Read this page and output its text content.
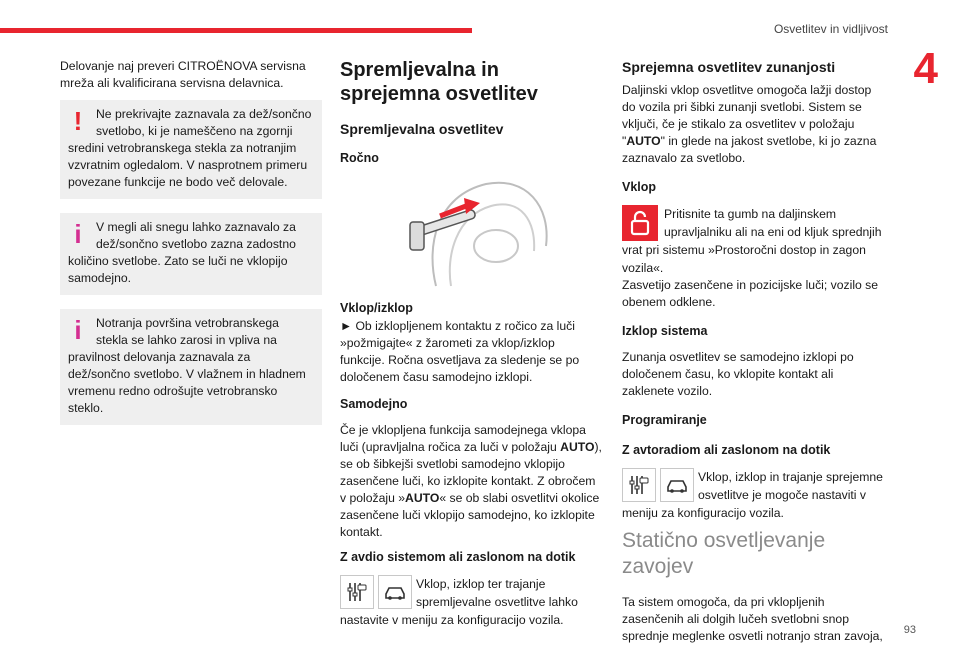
Osvetlitev in vidljivost
4

Delovanje naj preveri CITROËNOVA servisna mreža ali kvalificirana servisna delavnica.

!	Ne prekrivajte zaznavala za dež/sončno svetlobo, ki je nameščeno na zgornji sredini vetrobranskega stekla za notranjim vzvratnim ogledalom. V nasprotnem primeru povezane funkcije ne bodo več delovale.
i	V megli ali snegu lahko zaznavalo za dež/sončno svetlobo zazna zadostno količino svetlobe. Zato se luči ne vklopijo samodejno.
i	Notranja površina vetrobranskega stekla se lahko zarosi in vpliva na pravilnost delovanja zaznavala za dež/sončno svetlobo. V vlažnem in hladnem vremenu redno odrošujte vetrobransko steklo.
Spremljevalna in sprejemna osvetlitev
Spremljevalna osvetlitev
Ročno
Vklop/izklop

► Ob izklopljenem kontaktu z ročico za luči »požmigajte« z žarometi za vklop/izklop funkcije. Ročna osvetljava za sledenje se po določenem času samodejno izklopi.

Samodejno

Če je vklopljena funkcija samodejnega vklopa luči (upravljalna ročica za luči v položaju AUTO), se ob šibkejši svetlobi samodejno vklopijo zasenčene luči, ko izklopite kontakt. Z obročem v položaju »AUTO« se ob slabi osvetlitvi okolice zasenčene luči vklopijo samodejno, ko izklopite kontakt.

Z avdio sistemom ali zaslonom na dotik
Vklop, izklop ter trajanje spremljevalne osvetlitve lahko nastavite v meniju za konfiguracijo vozila.
Sprejemna osvetlitev zunanjosti

Daljinski vklop osvetlitve omogoča lažji dostop do vozila pri šibki zunanji svetlobi. Sistem se vključi, če je stikalo za osvetlitev v položaju "AUTO" in glede na jakost svetlobe, ki jo zazna zaznavalo za svetlobo.

Vklop
Pritisnite ta gumb na daljinskem upravljalniku ali na eni od kljuk sprednjih vrat pri sistemu »Prostoročni dostop in zagon vozila«.

Zasvetijo zasenčene in pozicijske luči; vozilo se obenem odklene.

Izklop sistema

Zunanja osvetlitev se samodejno izklopi po določenem času, ko vklopite kontakt ali zaklenete vozilo.

Programiranje
Z avtoradiom ali zaslonom na dotik
Vklop, izklop in trajanje sprejemne osvetlitve je mogoče nastaviti v meniju za konfiguracijo vozila.
Statično osvetljevanje zavojev

Ta sistem omogoča, da pri vklopljenih zasenčenih ali dolgih lučeh svetlobni snop sprednje meglenke osvetli notranjo stran zavoja, 93
